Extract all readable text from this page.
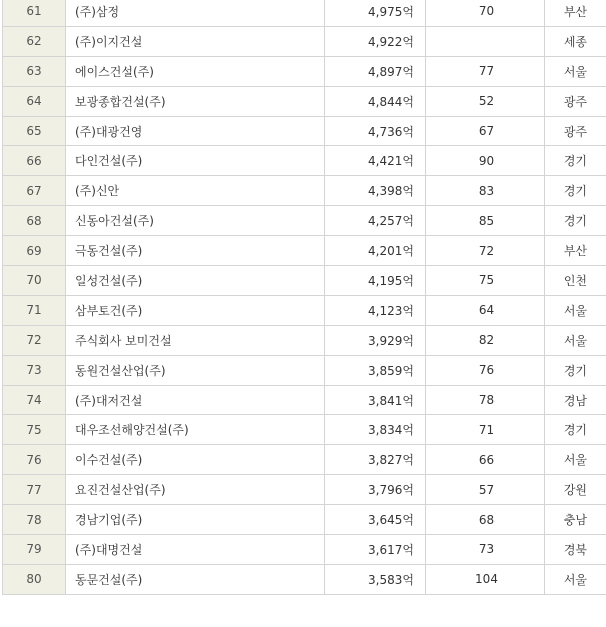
61	(주)삼정	4,975억	70	부산
62	(주)이지건설	4,922억		세종
63	에이스건설(주)	4,897억	77	서울
64	보광종합건설(주)	4,844억	52	광주
65	(주)대광건영	4,736억	67	광주
66	다인건설(주)	4,421억	90	경기
67	(주)신안	4,398억	83	경기
68	신동아건설(주)	4,257억	85	경기
69	극동건설(주)	4,201억	72	부산
70	일성건설(주)	4,195억	75	인천
71	삼부토건(주)	4,123억	64	서울
72	주식회사 보미건설	3,929억	82	서울
73	동원건설산업(주)	3,859억	76	경기
74	(주)대저건설	3,841억	78	경남
75	대우조선해양건설(주)	3,834억	71	경기
76	이수건설(주)	3,827억	66	서울
77	요진건설산업(주)	3,796억	57	강원
78	경남기업(주)	3,645억	68	충남
79	(주)대명건설	3,617억	73	경북
80	동문건설(주)	3,583억	104	서울
